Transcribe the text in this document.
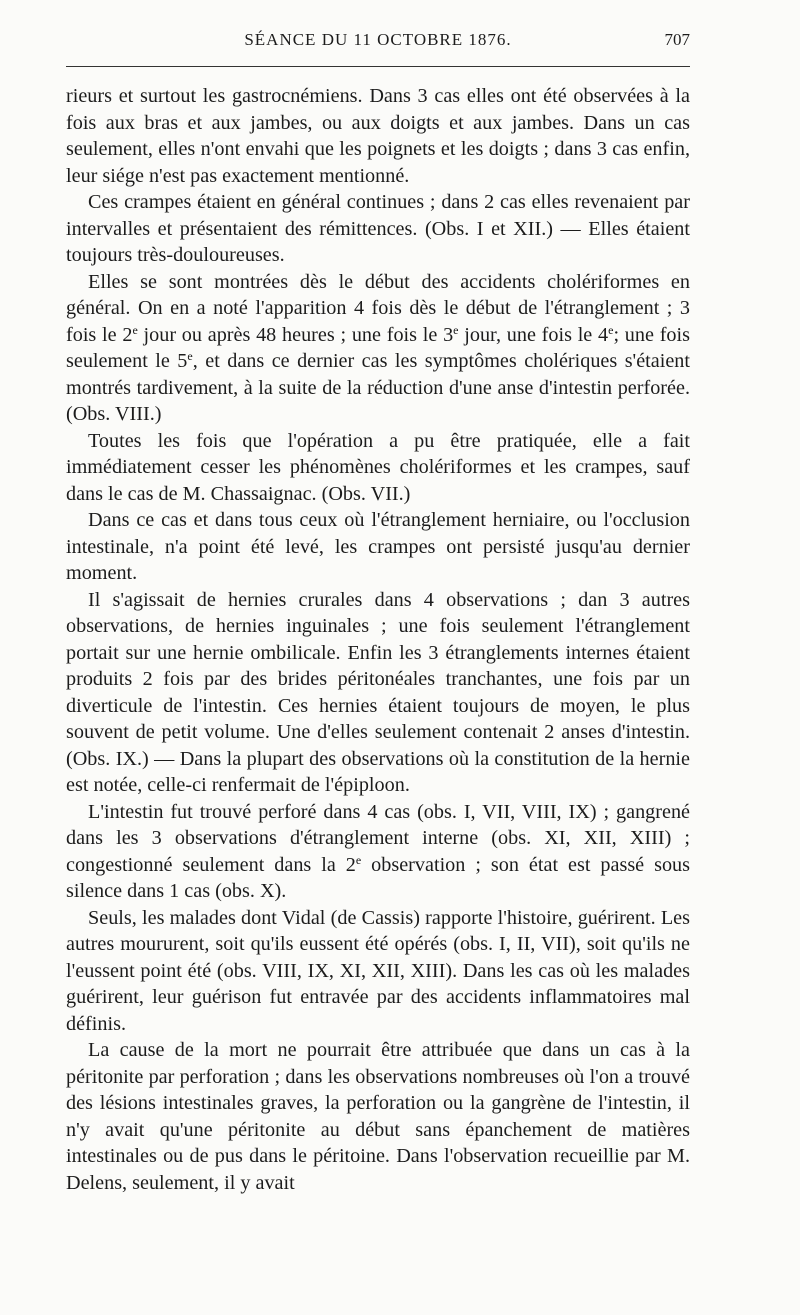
SÉANCE DU 11 OCTOBRE 1876.	707

rieurs et surtout les gastrocnémiens. Dans 3 cas elles ont été observées à la fois aux bras et aux jambes, ou aux doigts et aux jambes. Dans un cas seulement, elles n'ont envahi que les poignets et les doigts ; dans 3 cas enfin, leur siége n'est pas exactement mentionné.

Ces crampes étaient en général continues ; dans 2 cas elles revenaient par intervalles et présentaient des rémittences. (Obs. I et XII.) — Elles étaient toujours très-douloureuses.

Elles se sont montrées dès le début des accidents cholériformes en général. On en a noté l'apparition 4 fois dès le début de l'étranglement ; 3 fois le 2e jour ou après 48 heures ; une fois le 3e jour, une fois le 4e; une fois seulement le 5e, et dans ce dernier cas les symptômes cholériques s'étaient montrés tardivement, à la suite de la réduction d'une anse d'intestin perforée. (Obs. VIII.)

Toutes les fois que l'opération a pu être pratiquée, elle a fait immédiatement cesser les phénomènes cholériformes et les crampes, sauf dans le cas de M. Chassaignac. (Obs. VII.)

Dans ce cas et dans tous ceux où l'étranglement herniaire, ou l'occlusion intestinale, n'a point été levé, les crampes ont persisté jusqu'au dernier moment.

Il s'agissait de hernies crurales dans 4 observations ; dan 3 autres observations, de hernies inguinales ; une fois seulement l'étranglement portait sur une hernie ombilicale. Enfin les 3 étranglements internes étaient produits 2 fois par des brides péritonéales tranchantes, une fois par un diverticule de l'intestin. Ces hernies étaient toujours de moyen, le plus souvent de petit volume. Une d'elles seulement contenait 2 anses d'intestin. (Obs. IX.) — Dans la plupart des observations où la constitution de la hernie est notée, celle-ci renfermait de l'épiploon.

L'intestin fut trouvé perforé dans 4 cas (obs. I, VII, VIII, IX) ; gangrené dans les 3 observations d'étranglement interne (obs. XI, XII, XIII) ; congestionné seulement dans la 2e observation ; son état est passé sous silence dans 1 cas (obs. X).

Seuls, les malades dont Vidal (de Cassis) rapporte l'histoire, guérirent. Les autres moururent, soit qu'ils eussent été opérés (obs. I, II, VII), soit qu'ils ne l'eussent point été (obs. VIII, IX, XI, XII, XIII). Dans les cas où les malades guérirent, leur guérison fut entravée par des accidents inflammatoires mal définis.

La cause de la mort ne pourrait être attribuée que dans un cas à la péritonite par perforation ; dans les observations nombreuses où l'on a trouvé des lésions intestinales graves, la perforation ou la gangrène de l'intestin, il n'y avait qu'une péritonite au début sans épanchement de matières intestinales ou de pus dans le péritoine. Dans l'observation recueillie par M. Delens, seulement, il y avait
